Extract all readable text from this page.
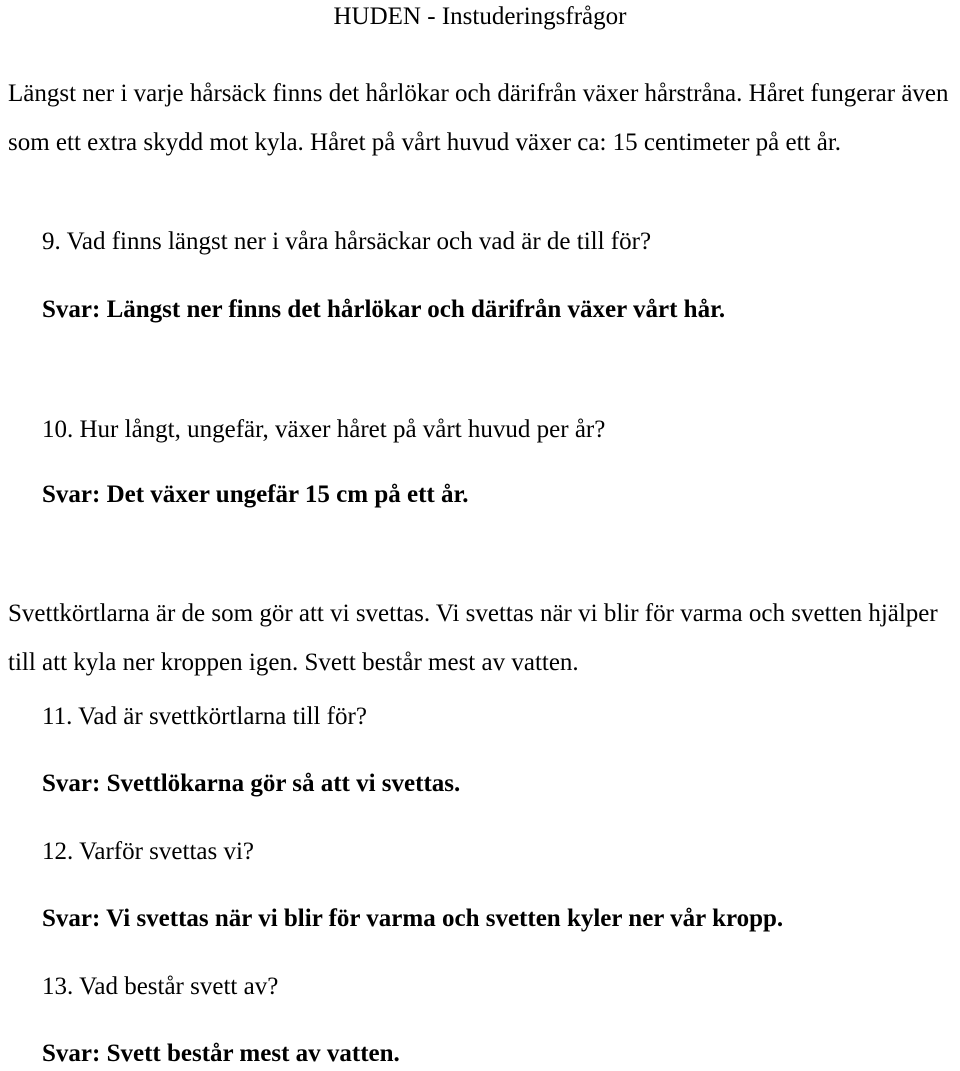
HUDEN - Instuderingsfrågor
Längst ner i varje hårsäck finns det hårlökar och därifrån växer hårstråna. Håret fungerar även som ett extra skydd mot kyla. Håret på vårt huvud växer ca: 15 centimeter på ett år.
9. Vad finns längst ner i våra hårsäckar och vad är de till för?
Svar: Längst ner finns det hårlökar och därifrån växer vårt hår.
10. Hur långt, ungefär, växer håret på vårt huvud per år?
Svar: Det växer ungefär 15 cm på ett år.
Svettkörtlarna är de som gör att vi svettas. Vi svettas när vi blir för varma och svetten hjälper till att kyla ner kroppen igen. Svett består mest av vatten.
11. Vad är svettkörtlarna till för?
Svar: Svettlökarna gör så att vi svettas.
12. Varför svettas vi?
Svar: Vi svettas när vi blir för varma och svetten kyler ner vår kropp.
13. Vad består svett av?
Svar: Svett består mest av vatten.
